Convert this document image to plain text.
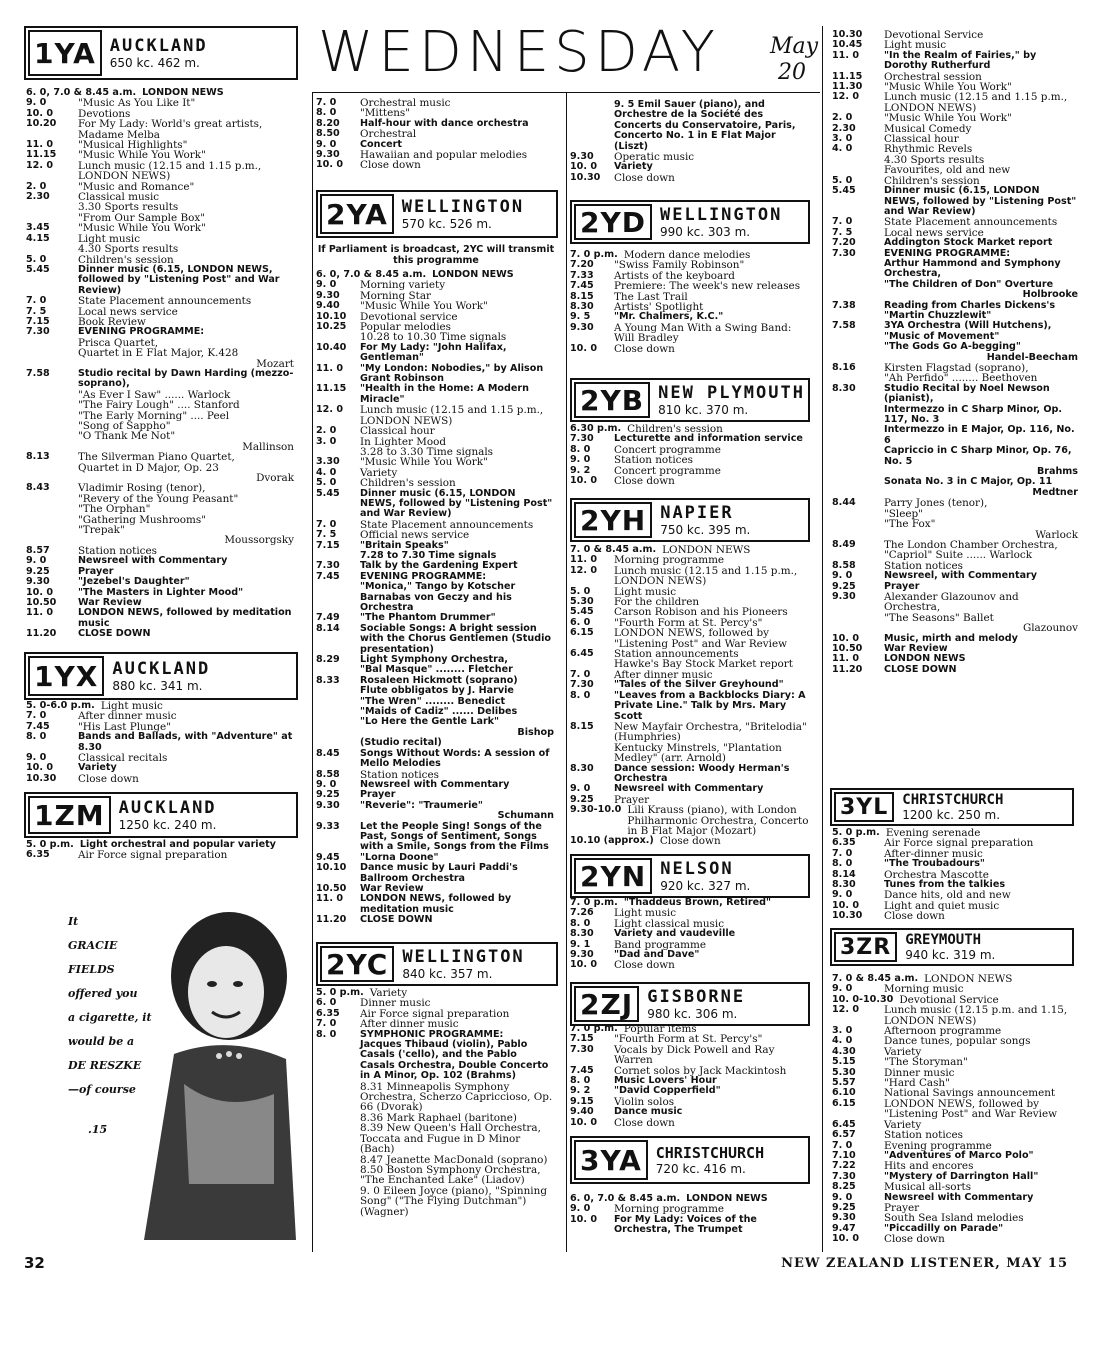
WEDNESDAY May
20
1YA AUCKLAND
650 kc. 462 m.
1YX AUCKLAND
880 kc. 341 m.
1ZM AUCKLAND
1250 kc. 240 m.
2YA WELLINGTON
570 kc. 526 m.
If Parliament is broadcast, 2YC will transmit this programme
2YC WELLINGTON
840 kc. 357 m.
2YD WELLINGTON
990 kc. 303 m.
2YB NEW PLYMOUTH
810 kc. 370 m.
2YH NAPIER
750 kc. 395 m.
2YN NELSON
920 kc. 327 m.
2ZJ GISBORNE
980 kc. 306 m.
3YA CHRISTCHURCH
720 kc. 416 m.
3YL	CHRISTCHURCH
1200 kc. 250 m.
3ZR	GREYMOUTH
940 kc. 319 m.
6. 0, 7.0 & 8.45 a.m. LONDON NEWS
9. 0	"Music As You Like It"
10. 0	Devotions
10.20	For My Lady: World's great artists, Madame Melba
11. 0	"Musical Highlights"
11.15	"Music While You Work"
12. 0	Lunch music (12.15 and 1.15 p.m., LONDON NEWS)
2. 0	"Music and Romance"
2.30	Classical music
3.30 Sports results
"From Our Sample Box"
3.45	"Music While You Work"
4.15	Light music
4.30 Sports results
5. 0	Children's session
5.45	Dinner music (6.15, LONDON NEWS, followed by "Listening Post" and War Review)
7. 0	State Placement announcements
7. 5	Local news service
7.15	Book Review
7.30	EVENING PROGRAMME:
Prisca Quartet,
Quartet in E Flat Major, K.428
Mozart
7.58	Studio recital by Dawn Harding (mezzo-soprano),
"As Ever I Saw" ...... Warlock
"The Fairy Lough" .... Stanford
"The Early Morning" .... Peel
"Song of Sappho"
"O Thank Me Not"
Mallinson
8.13	The Silverman Piano Quartet,
Quartet in D Major, Op. 23
Dvorak
8.43	Vladimir Rosing (tenor),
"Revery of the Young Peasant"
"The Orphan"
"Gathering Mushrooms"
"Trepak"
Moussorgsky
8.57	Station notices
9. 0	Newsreel with Commentary
9.25	Prayer
9.30	"Jezebel's Daughter"
10. 0	"The Masters in Lighter Mood"
10.50	War Review
11. 0	LONDON NEWS, followed by meditation music
11.20	CLOSE DOWN
5. 0-6.0 p.m. Light music
7. 0	After dinner music
7.45	"His Last Plunge"
8. 0	Bands and Ballads, with "Adventure" at 8.30
9. 0	Classical recitals
10. 0	Variety
10.30	Close down
5. 0 p.m. Light orchestral and popular variety
6.35	Air Force signal preparation
7. 0	Orchestral music
8. 0	"Mittens"
8.20	Half-hour with dance orchestra
8.50	Orchestral
9. 0	Concert
9.30	Hawaiian and popular melodies
10. 0	Close down
6. 0, 7.0 & 8.45 a.m. LONDON NEWS
9. 0	Morning variety
9.30	Morning Star
9.40	"Music While You Work"
10.10	Devotional service
10.25	Popular melodies
10.28 to 10.30 Time signals
10.40	For My Lady: "John Halifax, Gentleman"
11. 0	"My London: Nobodies," by Alison Grant Robinson
11.15	"Health in the Home: A Modern Miracle"
12. 0	Lunch music (12.15 and 1.15 p.m., LONDON NEWS)
2. 0	Classical hour
3. 0	In Lighter Mood
3.28 to 3.30 Time signals
3.30	"Music While You Work"
4. 0	Variety
5. 0	Children's session
5.45	Dinner music (6.15, LONDON NEWS, followed by "Listening Post" and War Review)
7. 0	State Placement announcements
7. 5	Official news service
7.15	"Britain Speaks"
7.28 to 7.30 Time signals
7.30	Talk by the Gardening Expert
7.45	EVENING PROGRAMME:
"Monica," Tango by Kotscher
Barnabas von Geczy and his Orchestra
7.49	"The Phantom Drummer"
8.14	Sociable Songs: A bright session with the Chorus Gentlemen (Studio presentation)
8.29	Light Symphony Orchestra,
"Bal Masque" ........ Fletcher
8.33	Rosaleen Hickmott (soprano)
Flute obbligatos by J. Harvie
"The Wren" ........ Benedict
"Maids of Cadiz" ...... Delibes
"Lo Here the Gentle Lark"
Bishop
(Studio recital)
8.45	Songs Without Words: A session of Mello Melodies
8.58	Station notices
9. 0	Newsreel with Commentary
9.25	Prayer
9.30	"Reverie": "Traumerie"
Schumann
9.33	Let the People Sing! Songs of the Past, Songs of Sentiment, Songs with a Smile, Songs from the Films
9.45	"Lorna Doone"
10.10	Dance music by Lauri Paddi's Ballroom Orchestra
10.50	War Review
11. 0	LONDON NEWS, followed by meditation music
11.20	CLOSE DOWN
5. 0 p.m. Variety
6. 0	Dinner music
6.35	Air Force signal preparation
7. 0	After dinner music
8. 0	SYMPHONIC PROGRAMME:
Jacques Thibaud (violin), Pablo Casals ('cello), and the Pablo Casals Orchestra, Double Concerto in A Minor, Op. 102 (Brahms)
8.31 Minneapolis Symphony Orchestra, Scherzo Capriccioso, Op. 66 (Dvorak)
8.36 Mark Raphael (baritone)
8.39 New Queen's Hall Orchestra, Toccata and Fugue in D Minor (Bach)
8.47 Jeanette MacDonald (soprano)
8.50 Boston Symphony Orchestra,
"The Enchanted Lake" (Liadov)
9. 0 Eileen Joyce (piano), "Spinning Song" ("The Flying Dutchman") (Wagner)
9. 5 Emil Sauer (piano), and Orchestre de la Société des Concerts du Conservatoire, Paris, Concerto No. 1 in E Flat Major (Liszt)
9.30	Operatic music
10. 0	Variety
10.30	Close down
7. 0 p.m. Modern dance melodies
7.20	"Swiss Family Robinson"
7.33	Artists of the keyboard
7.45	Premiere: The week's new releases
8.15	The Last Trail
8.30	Artists' Spotlight
9. 5	"Mr. Chalmers, K.C."
9.30	A Young Man With a Swing Band: Will Bradley
10. 0	Close down
6.30 p.m. Children's session
7.30	Lecturette and information service
8. 0	Concert programme
9. 0	Station notices
9. 2	Concert programme
10. 0	Close down
7. 0 & 8.45 a.m. LONDON NEWS
11. 0	Morning programme
12. 0	Lunch music (12.15 and 1.15 p.m., LONDON NEWS)
5. 0	Light music
5.30	For the children
5.45	Carson Robison and his Pioneers
6. 0	"Fourth Form at St. Percy's"
6.15	LONDON NEWS, followed by "Listening Post" and War Review
6.45	Station announcements
Hawke's Bay Stock Market report
7. 0	After dinner music
7.30	"Tales of the Silver Greyhound"
8. 0	"Leaves from a Backblocks Diary: A Private Line." Talk by Mrs. Mary Scott
8.15	New Mayfair Orchestra, "Britelodia" (Humphries)
Kentucky Minstrels, "Plantation Medley" (arr. Arnold)
8.30	Dance session: Woody Herman's Orchestra
9. 0	Newsreel with Commentary
9.25	Prayer
9.30-10.0 Lili Krauss (piano), with London Philharmonic Orchestra, Concerto in B Flat Major (Mozart)
10.10 (approx.) Close down
7. 0 p.m. "Thaddeus Brown, Retired"
7.26	Light music
8. 0	Light classical music
8.30	Variety and vaudeville
9. 1	Band programme
9.30	"Dad and Dave"
10. 0	Close down
7. 0 p.m. Popular items
7.15	"Fourth Form at St. Percy's"
7.30	Vocals by Dick Powell and Ray Warren
7.45	Cornet solos by Jack Mackintosh
8. 0	Music Lovers' Hour
9. 2	"David Copperfield"
9.15	Violin solos
9.40	Dance music
10. 0	Close down
6. 0, 7.0 & 8.45 a.m. LONDON NEWS
9. 0	Morning programme
10. 0	For My Lady: Voices of the Orchestra, The Trumpet
10.30	Devotional Service
10.45	Light music
11. 0	"In the Realm of Fairies," by Dorothy Rutherfurd
11.15	Orchestral session
11.30	"Music While You Work"
12. 0	Lunch music (12.15 and 1.15 p.m., LONDON NEWS)
2. 0	"Music While You Work"
2.30	Musical Comedy
3. 0	Classical hour
4. 0	Rhythmic Revels
4.30 Sports results
Favourites, old and new
5. 0	Children's session
5.45	Dinner music (6.15, LONDON NEWS, followed by "Listening Post" and War Review)
7. 0	State Placement announcements
7. 5	Local news service
7.20	Addington Stock Market report
7.30	EVENING PROGRAMME:
Arthur Hammond and Symphony Orchestra,
"The Children of Don" Overture
Holbrooke
7.38	Reading from Charles Dickens's "Martin Chuzzlewit"
7.58	3YA Orchestra (Will Hutchens),
"Music of Movement"
"The Gods Go A-begging"
Handel-Beecham
8.16	Kirsten Flagstad (soprano),
"Ah Perfido" ........ Beethoven
8.30	Studio Recital by Noel Newson (pianist),
Intermezzo in C Sharp Minor, Op. 117, No. 3
Intermezzo in E Major, Op. 116, No. 6
Capriccio in C Sharp Minor, Op. 76, No. 5
Brahms
Sonata No. 3 in C Major, Op. 11
Medtner
8.44	Parry Jones (tenor),
"Sleep"
"The Fox"
Warlock
8.49	The London Chamber Orchestra,
"Capriol" Suite ...... Warlock
8.58	Station notices
9. 0	Newsreel, with Commentary
9.25	Prayer
9.30	Alexander Glazounov and Orchestra,
"The Seasons" Ballet
Glazounov
10. 0	Music, mirth and melody
10.50	War Review
11. 0	LONDON NEWS
11.20	CLOSE DOWN
5. 0 p.m. Evening serenade
6.35	Air Force signal preparation
7. 0	After-dinner music
8. 0	"The Troubadours"
8.14	Orchestra Mascotte
8.30	Tunes from the talkies
9. 0	Dance hits, old and new
10. 0	Light and quiet music
10.30	Close down
7. 0 & 8.45 a.m. LONDON NEWS
9. 0	Morning music
10. 0-10.30 Devotional Service
12. 0	Lunch music (12.15 p.m. and 1.15, LONDON NEWS)
3. 0	Afternoon programme
4. 0	Dance tunes, popular songs
4.30	Variety
5.15	"The Storyman"
5.30	Dinner music
5.57	"Hard Cash"
6.10	National Savings announcement
6.15	LONDON NEWS, followed by "Listening Post" and War Review
6.45	Variety
6.57	Station notices
7. 0	Evening programme
7.10	"Adventures of Marco Polo"
7.22	Hits and encores
7.30	"Mystery of Darrington Hall"
8.25	Musical all-sorts
9. 0	Newsreel with Commentary
9.25	Prayer
9.30	South Sea Island melodies
9.47	"Piccadilly on Parade"
10. 0	Close down
It
GRACIE
FIELDS
offered you
a cigarette, it
would be a
DE RESZKE
—of course
.15
32	NEW ZEALAND LISTENER, MAY 15
